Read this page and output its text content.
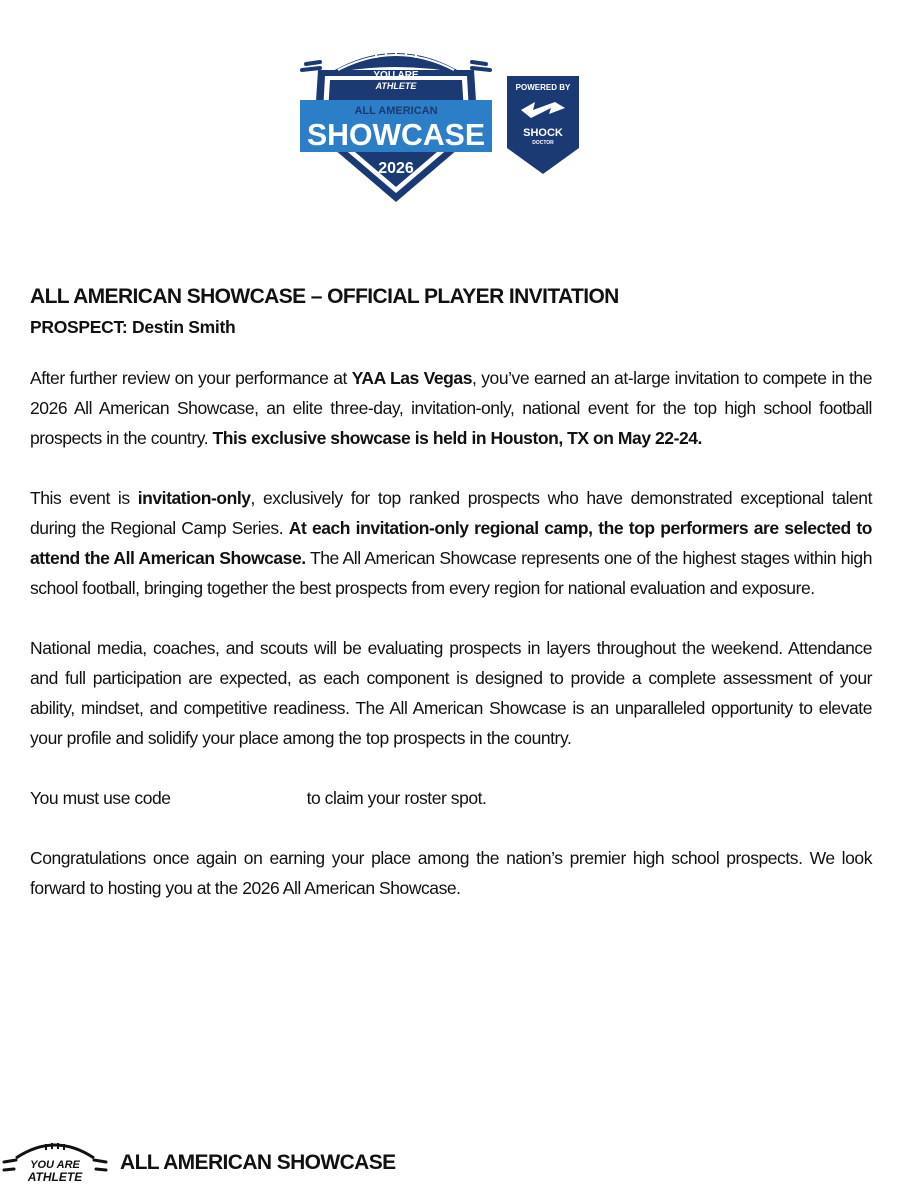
YOU ARE
ATHLETE
ALL AMERICAN
SHOWCASE
2026
POWERED BY
SHOCK
DOCTOR
ALL AMERICAN SHOWCASE – OFFICIAL PLAYER INVITATION

PROSPECT: Destin Smith

After further review on your performance at YAA Las Vegas, you’ve earned an at-large invitation to compete in the 2026 All American Showcase, an elite three-day, invitation-only, national event for the top high school football prospects in the country. This exclusive showcase is held in Houston, TX on May 22-24.

This event is invitation-only, exclusively for top ranked prospects who have demonstrated exceptional talent during the Regional Camp Series. At each invitation-only regional camp, the top performers are selected to attend the All American Showcase. The All American Showcase represents one of the highest stages within high school football, bringing together the best prospects from every region for national evaluation and exposure.

National media, coaches, and scouts will be evaluating prospects in layers throughout the weekend. Attendance and full participation are expected, as each component is designed to provide a complete assessment of your ability, mindset, and competitive readiness. The All American Showcase is an unparalleled opportunity to elevate your profile and solidify your place among the top prospects in the country.

You must use code	to claim your roster spot.

Congratulations once again on earning your place among the nation’s premier high school prospects. We look forward to hosting you at the 2026 All American Showcase.

YOU ARE
ATHLETE

ALL AMERICAN SHOWCASE
